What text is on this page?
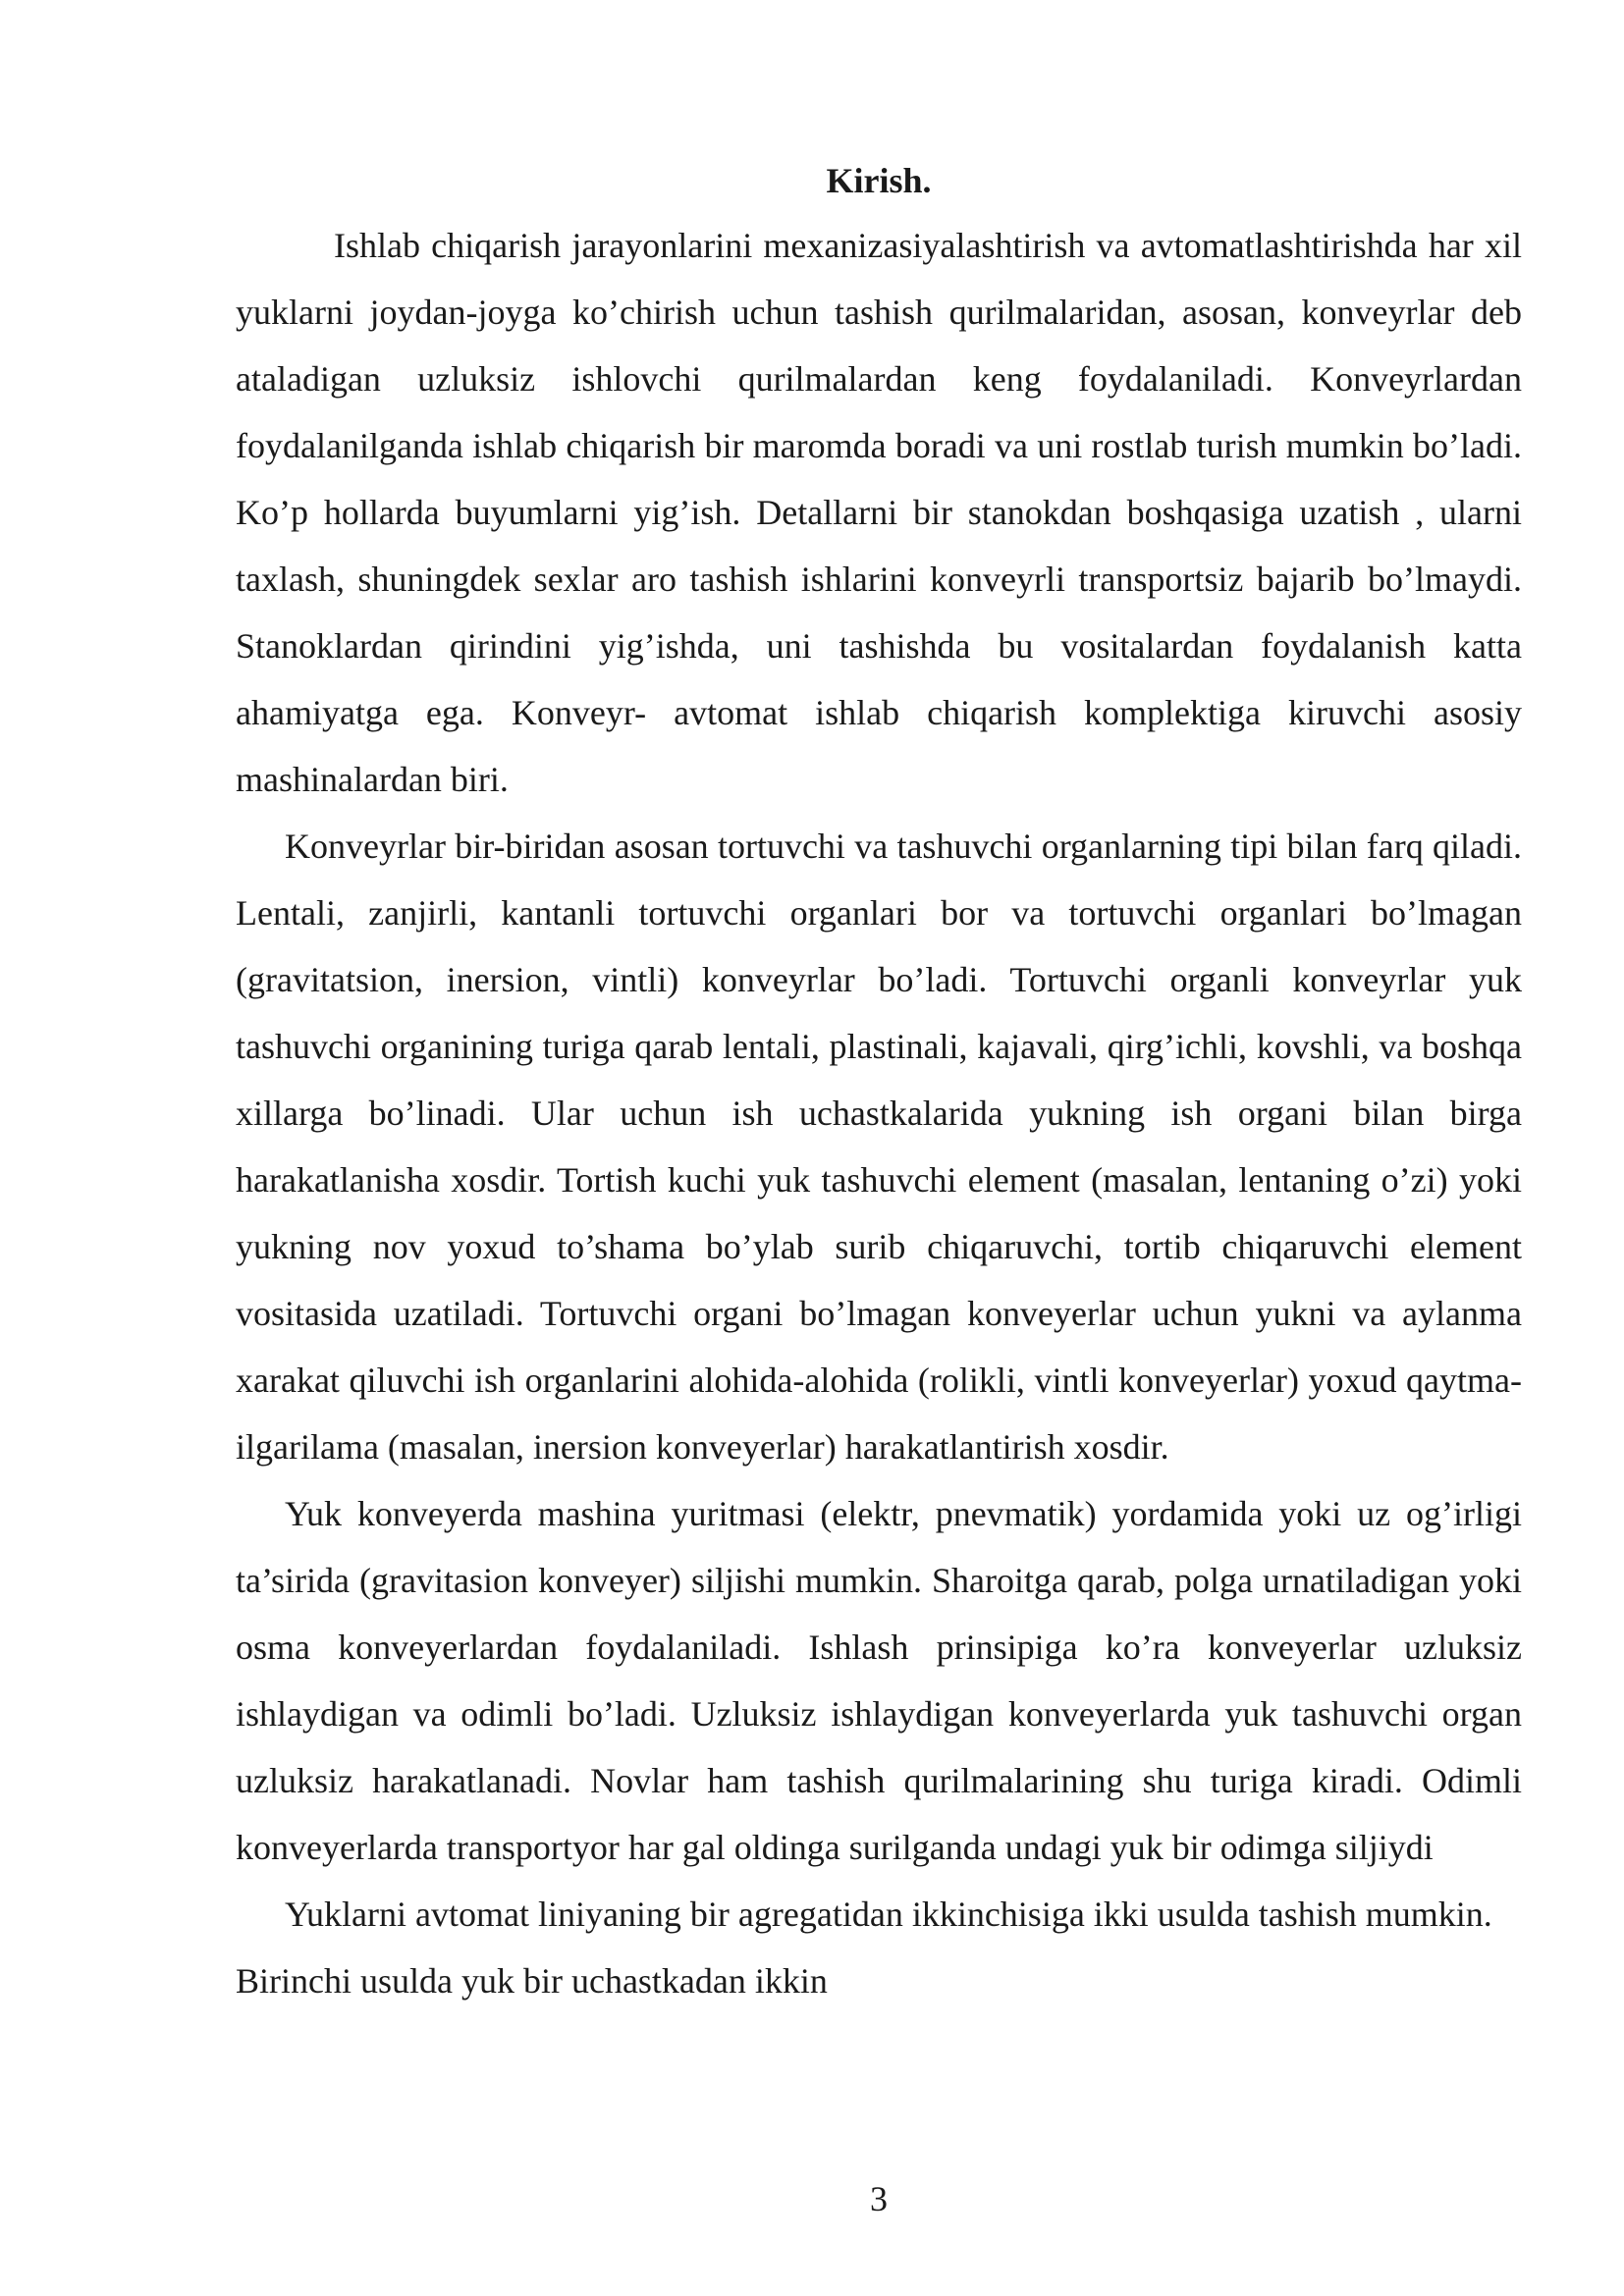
Kirish.

Ishlab chiqarish jarayonlarini mexanizasiyalashtirish va avtomatlashtirishda har xil yuklarni joydan-joyga ko’chirish uchun tashish qurilmalaridan, asosan, konveyrlar deb ataladigan uzluksiz ishlovchi qurilmalardan keng foydalaniladi. Konveyrlardan foydalanilganda ishlab chiqarish bir maromda boradi va uni rostlab turish mumkin bo’ladi. Ko’p hollarda buyumlarni yig’ish. Detallarni bir stanokdan boshqasiga uzatish , ularni taxlash, shuningdek sexlar aro tashish ishlarini konveyrli transportsiz bajarib bo’lmaydi. Stanoklardan qirindini yig’ishda, uni tashishda bu vositalardan foydalanish katta ahamiyatga ega. Konveyr- avtomat ishlab chiqarish komplektiga kiruvchi asosiy mashinalardan biri.

Konveyrlar bir-biridan asosan tortuvchi va tashuvchi organlarning tipi bilan farq qiladi. Lentali, zanjirli, kantanli tortuvchi organlari bor va tortuvchi organlari bo’lmagan (gravitatsion, inersion, vintli) konveyrlar bo’ladi. Tortuvchi organli konveyrlar yuk tashuvchi organining turiga qarab lentali, plastinali, kajavali, qirg’ichli, kovshli, va boshqa xillarga bo’linadi. Ular uchun ish uchastkalarida yukning ish organi bilan birga harakatlanisha xosdir. Tortish kuchi yuk tashuvchi element (masalan, lentaning o’zi) yoki yukning nov yoxud to’shama bo’ylab surib chiqaruvchi, tortib chiqaruvchi element vositasida uzatiladi. Tortuvchi organi bo’lmagan konveyerlar uchun yukni va aylanma xarakat qiluvchi ish organlarini alohida-alohida (rolikli, vintli konveyerlar) yoxud qaytma-ilgarilama (masalan, inersion konveyerlar) harakatlantirish xosdir.

Yuk konveyerda mashina yuritmasi (elektr, pnevmatik) yordamida yoki uz og’irligi ta’sirida (gravitasion konveyer) siljishi mumkin. Sharoitga qarab, polga urnatiladigan yoki osma konveyerlardan foydalaniladi. Ishlash prinsipiga ko’ra konveyerlar uzluksiz ishlaydigan va odimli bo’ladi. Uzluksiz ishlaydigan konveyerlarda yuk tashuvchi organ uzluksiz harakatlanadi. Novlar ham tashish qurilmalarining shu turiga kiradi. Odimli konveyerlarda transportyor har gal oldinga surilganda undagi yuk bir odimga siljiydi

Yuklarni avtomat liniyaning bir agregatidan ikkinchisiga ikki usulda tashish mumkin. Birinchi usulda yuk bir uchastkadan ikkin

3
